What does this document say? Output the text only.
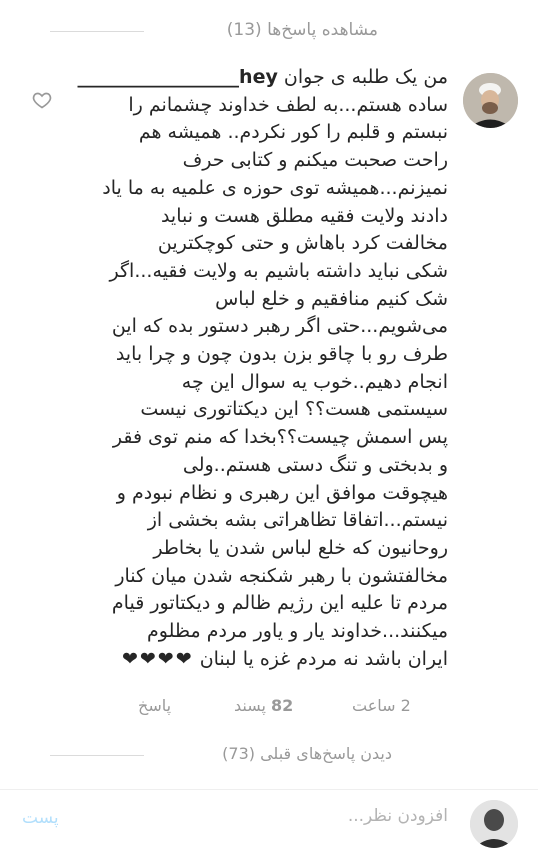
مشاهده پاسخ‌ها (13)
من یک طلبه ی جوان hey_________________
ساده هستم...به لطف خداوند چشمانم را
نبستم و قلبم را کور نکردم.. همیشه هم
راحت صحبت میکنم و کتابی حرف
نمیزنم...همیشه توی حوزه ی علمیه به ما یاد
دادند ولایت فقیه مطلق هست و نباید
مخالفت کرد باهاش و حتی کوچکترین
شکی نباید داشته باشیم به ولایت فقیه...اگر
شک کنیم منافقیم و خلع لباس
می‌شویم...حتی اگر رهبر دستور بده که این
طرف رو با چاقو بزن بدون چون و چرا باید
انجام دهیم..خوب یه سوال این چه
سیستمی هست؟؟ این دیکتاتوری نیست
پس اسمش چیست؟؟بخدا که منم توی فقر
و بدبختی و تنگ دستی هستم..ولی
هیچوقت موافق این رهبری و نظام نبودم و
نیستم...اتفاقا تظاهراتی بشه بخشی از
روحانیون که خلع لباس شدن یا بخاطر
مخالفتشون با رهبر شکنجه شدن میان کنار
مردم تا علیه این رژیم ظالم و دیکتاتور قیام
میکنند...خداوند یار و یاور مردم مظلوم
ایران باشد نه مردم غزه یا لبنان ❤❤❤❤
2 ساعت
82 پسند
پاسخ
دیدن پاسخ‌های قبلی (73)
افزودن نظر...
پست
